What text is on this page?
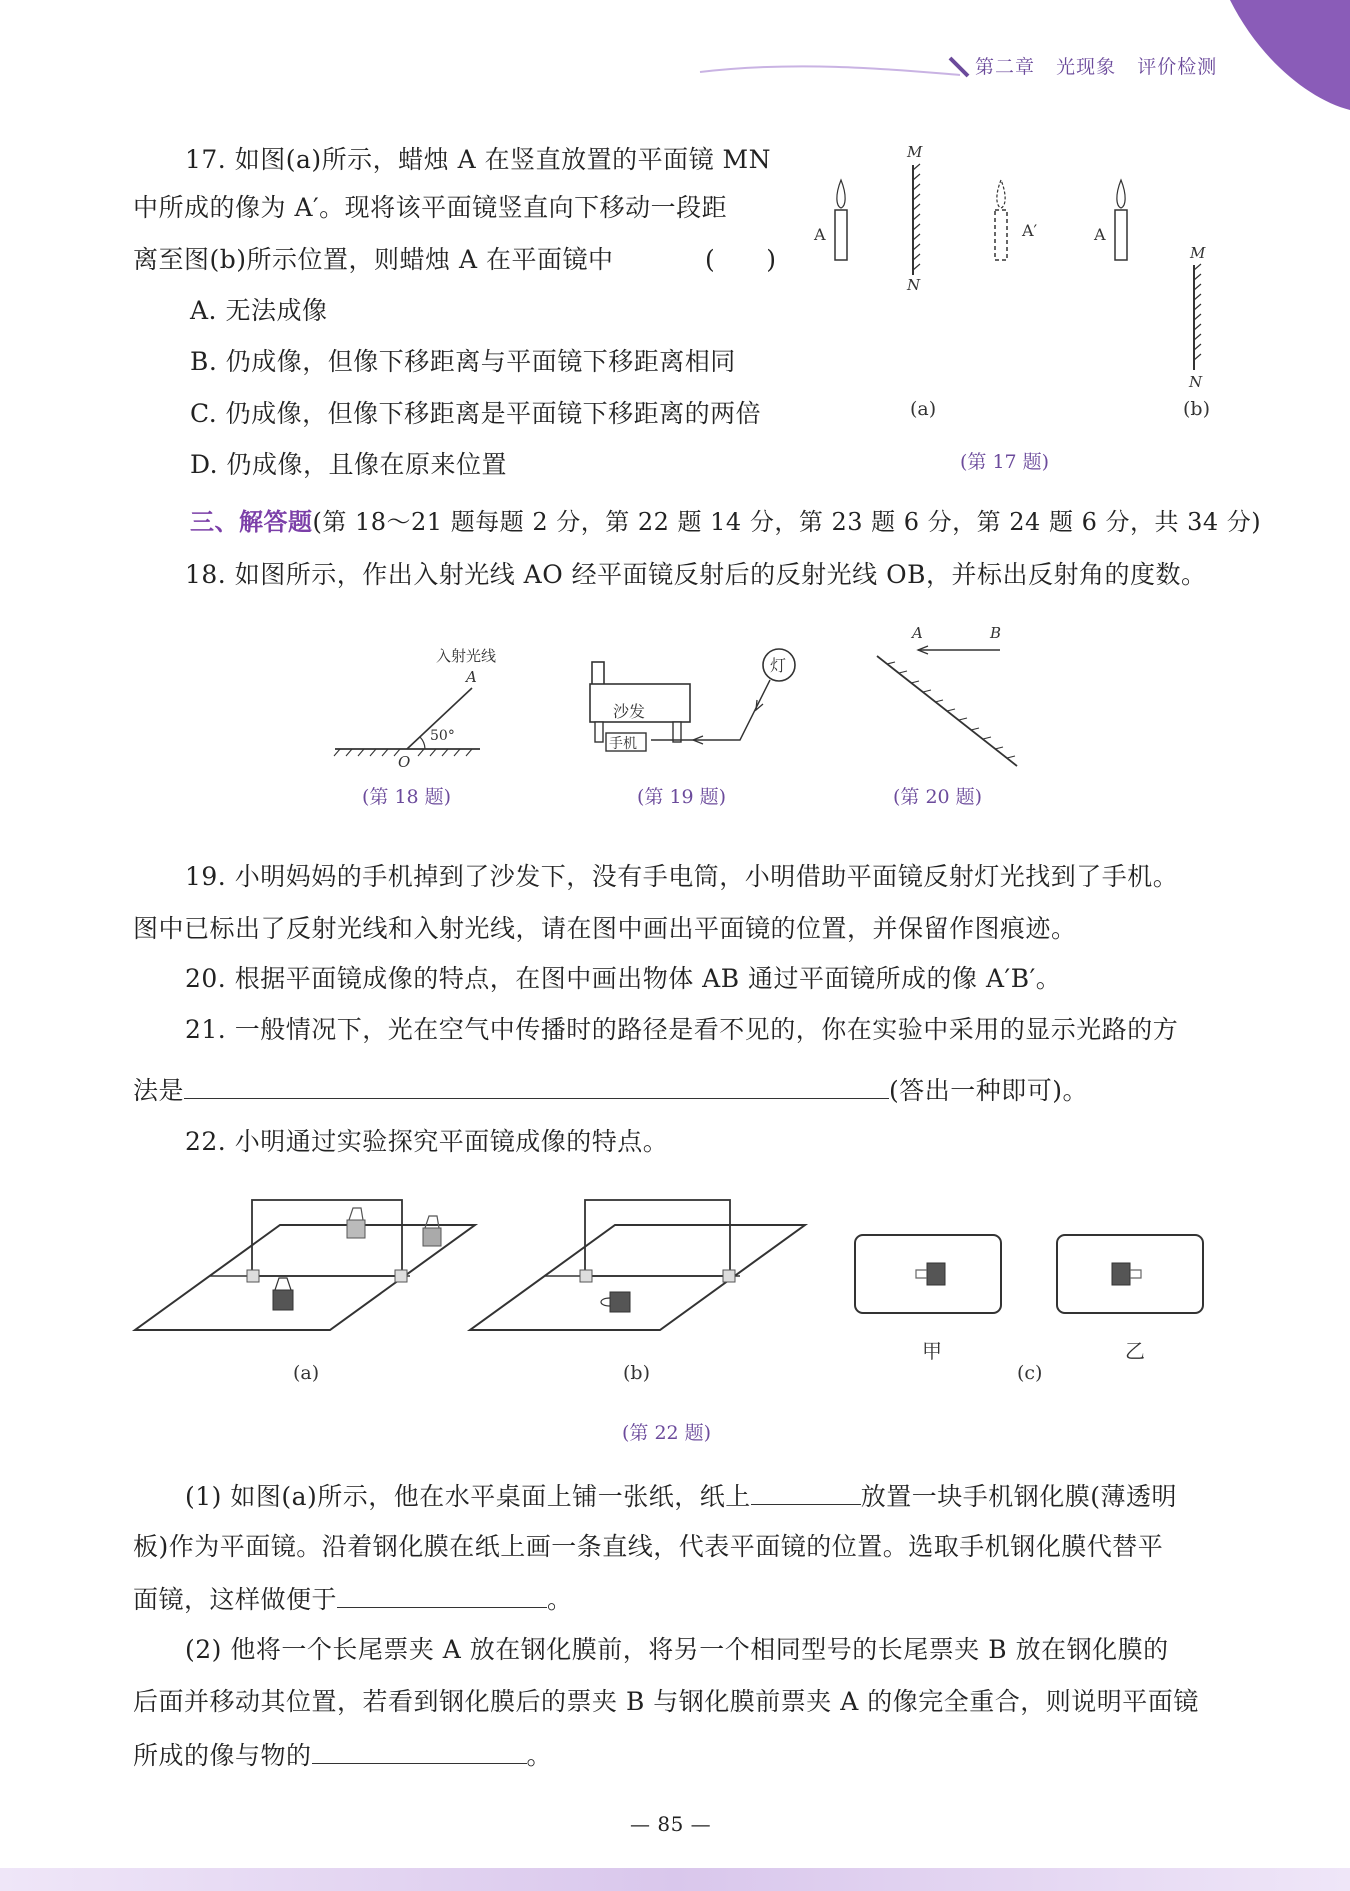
第二章 光现象 评价检测
17. 如图(a)所示，蜡烛 A 在竖直放置的平面镜 MN
中所成的像为 A′。现将该平面镜竖直向下移动一段距
离至图(b)所示位置，则蜡烛 A 在平面镜中	(　　)
A. 无法成像
B. 仍成像，但像下移距离与平面镜下移距离相同
C. 仍成像，但像下移距离是平面镜下移距离的两倍
D. 仍成像，且像在原来位置
M
N
A	A′	A
M
N
(a)	(b)
(第 17 题)
三、解答题(第 18～21 题每题 2 分，第 22 题 14 分，第 23 题 6 分，第 24 题 6 分，共 34 分)
18. 如图所示，作出入射光线 AO 经平面镜反射后的反射光线 OB，并标出反射角的度数。
入射光线
A
50°
O
(第 18 题)
灯
沙发
手机
(第 19 题)
A	B
(第 20 题)
19. 小明妈妈的手机掉到了沙发下，没有手电筒，小明借助平面镜反射灯光找到了手机。
图中已标出了反射光线和入射光线，请在图中画出平面镜的位置，并保留作图痕迹。
20. 根据平面镜成像的特点，在图中画出物体 AB 通过平面镜所成的像 A′B′。
21. 一般情况下，光在空气中传播时的路径是看不见的，你在实验中采用的显示光路的方
法是	(答出一种即可)。
22. 小明通过实验探究平面镜成像的特点。
(a)	(b)
甲	乙
(c)
(第 22 题)
(1) 如图(a)所示，他在水平桌面上铺一张纸，纸上	放置一块手机钢化膜(薄透明
板)作为平面镜。沿着钢化膜在纸上画一条直线，代表平面镜的位置。选取手机钢化膜代替平
面镜，这样做便于	。
(2) 他将一个长尾票夹 A 放在钢化膜前，将另一个相同型号的长尾票夹 B 放在钢化膜的
后面并移动其位置，若看到钢化膜后的票夹 B 与钢化膜前票夹 A 的像完全重合，则说明平面镜
所成的像与物的	。
— 85 —
